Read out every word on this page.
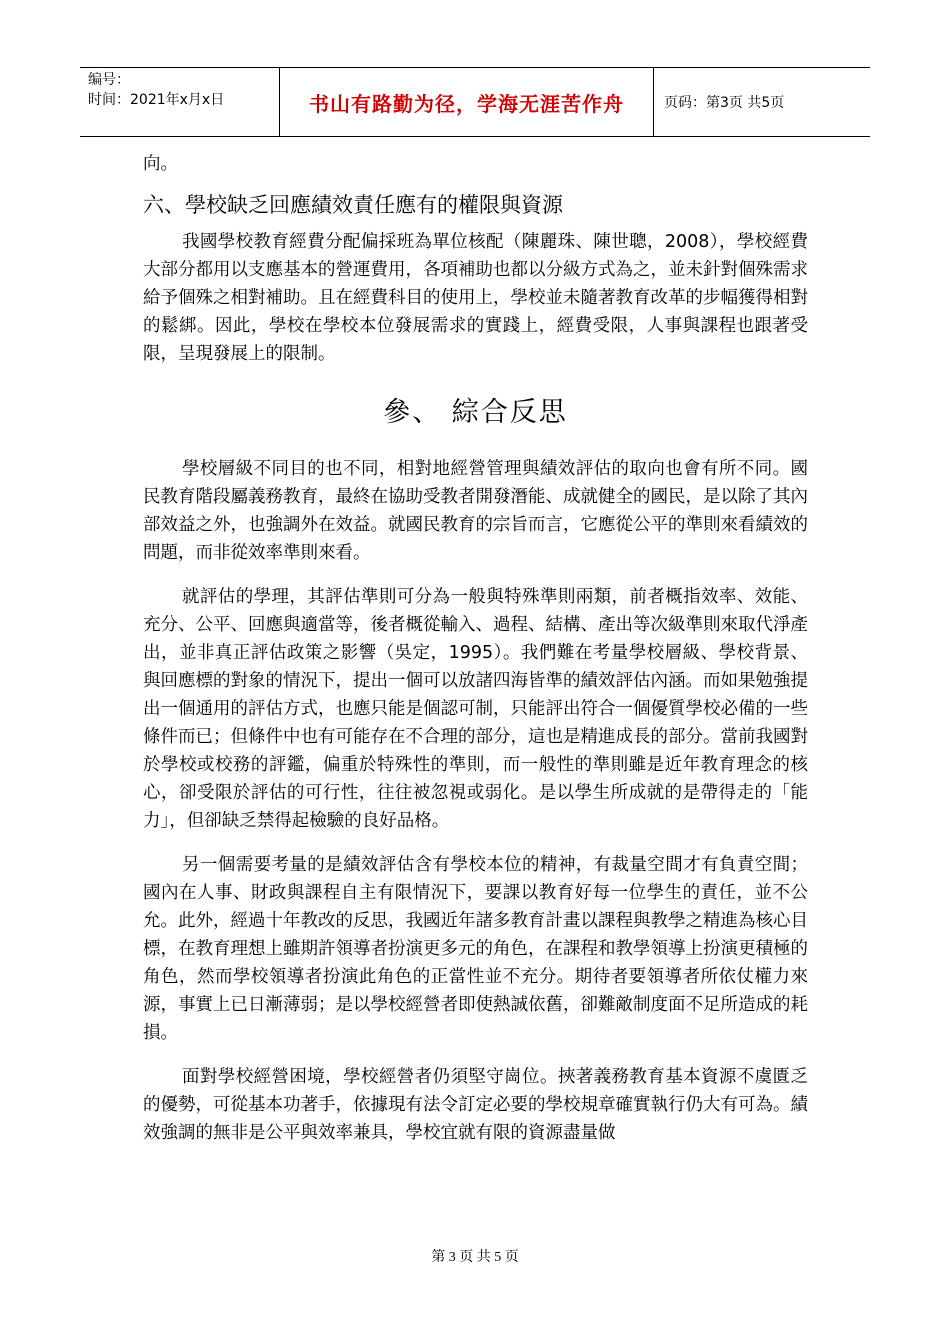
编号：
时间：2021年x月x日	书山有路勤为径，学海无涯苦作舟	页码：第3页 共5页

向。

六、學校缺乏回應績效責任應有的權限與資源

我國學校教育經費分配偏採班為單位核配（陳麗珠、陳世聰，2008），學校經費大部分都用以支應基本的營運費用，各項補助也都以分級方式為之，並未針對個殊需求給予個殊之相對補助。且在經費科目的使用上，學校並未隨著教育改革的步幅獲得相對的鬆綁。因此，學校在學校本位發展需求的實踐上，經費受限，人事與課程也跟著受限，呈現發展上的限制。

參、 綜合反思

學校層級不同目的也不同，相對地經營管理與績效評估的取向也會有所不同。國民教育階段屬義務教育，最終在協助受教者開發潛能、成就健全的國民，是以除了其內部效益之外，也強調外在效益。就國民教育的宗旨而言，它應從公平的準則來看績效的問題，而非從效率準則來看。

就評估的學理，其評估準則可分為一般與特殊準則兩類，前者概指效率、效能、充分、公平、回應與適當等，後者概從輸入、過程、結構、產出等次級準則來取代淨產出，並非真正評估政策之影響（吳定，1995）。我們難在考量學校層級、學校背景、與回應標的對象的情況下，提出一個可以放諸四海皆準的績效評估內涵。而如果勉強提出一個通用的評估方式，也應只能是個認可制，只能評出符合一個優質學校必備的一些條件而已；但條件中也有可能存在不合理的部分，這也是精進成長的部分。當前我國對於學校或校務的評鑑，偏重於特殊性的準則，而一般性的準則雖是近年教育理念的核心，卻受限於評估的可行性，往往被忽視或弱化。是以學生所成就的是帶得走的「能力」，但卻缺乏禁得起檢驗的良好品格。

另一個需要考量的是績效評估含有學校本位的精神，有裁量空間才有負責空間；國內在人事、財政與課程自主有限情況下，要課以教育好每一位學生的責任，並不公允。此外，經過十年教改的反思，我國近年諸多教育計畫以課程與教學之精進為核心目標，在教育理想上雖期許領導者扮演更多元的角色，在課程和教學領導上扮演更積極的角色，然而學校領導者扮演此角色的正當性並不充分。期待者要領導者所依仗權力來源，事實上已日漸薄弱；是以學校經營者即使熱誠依舊，卻難敵制度面不足所造成的耗損。

面對學校經營困境，學校經營者仍須堅守崗位。挾著義務教育基本資源不虞匱乏的優勢，可從基本功著手，依據現有法令訂定必要的學校規章確實執行仍大有可為。績效強調的無非是公平與效率兼具，學校宜就有限的資源盡量做

第 3 页 共 5 页
